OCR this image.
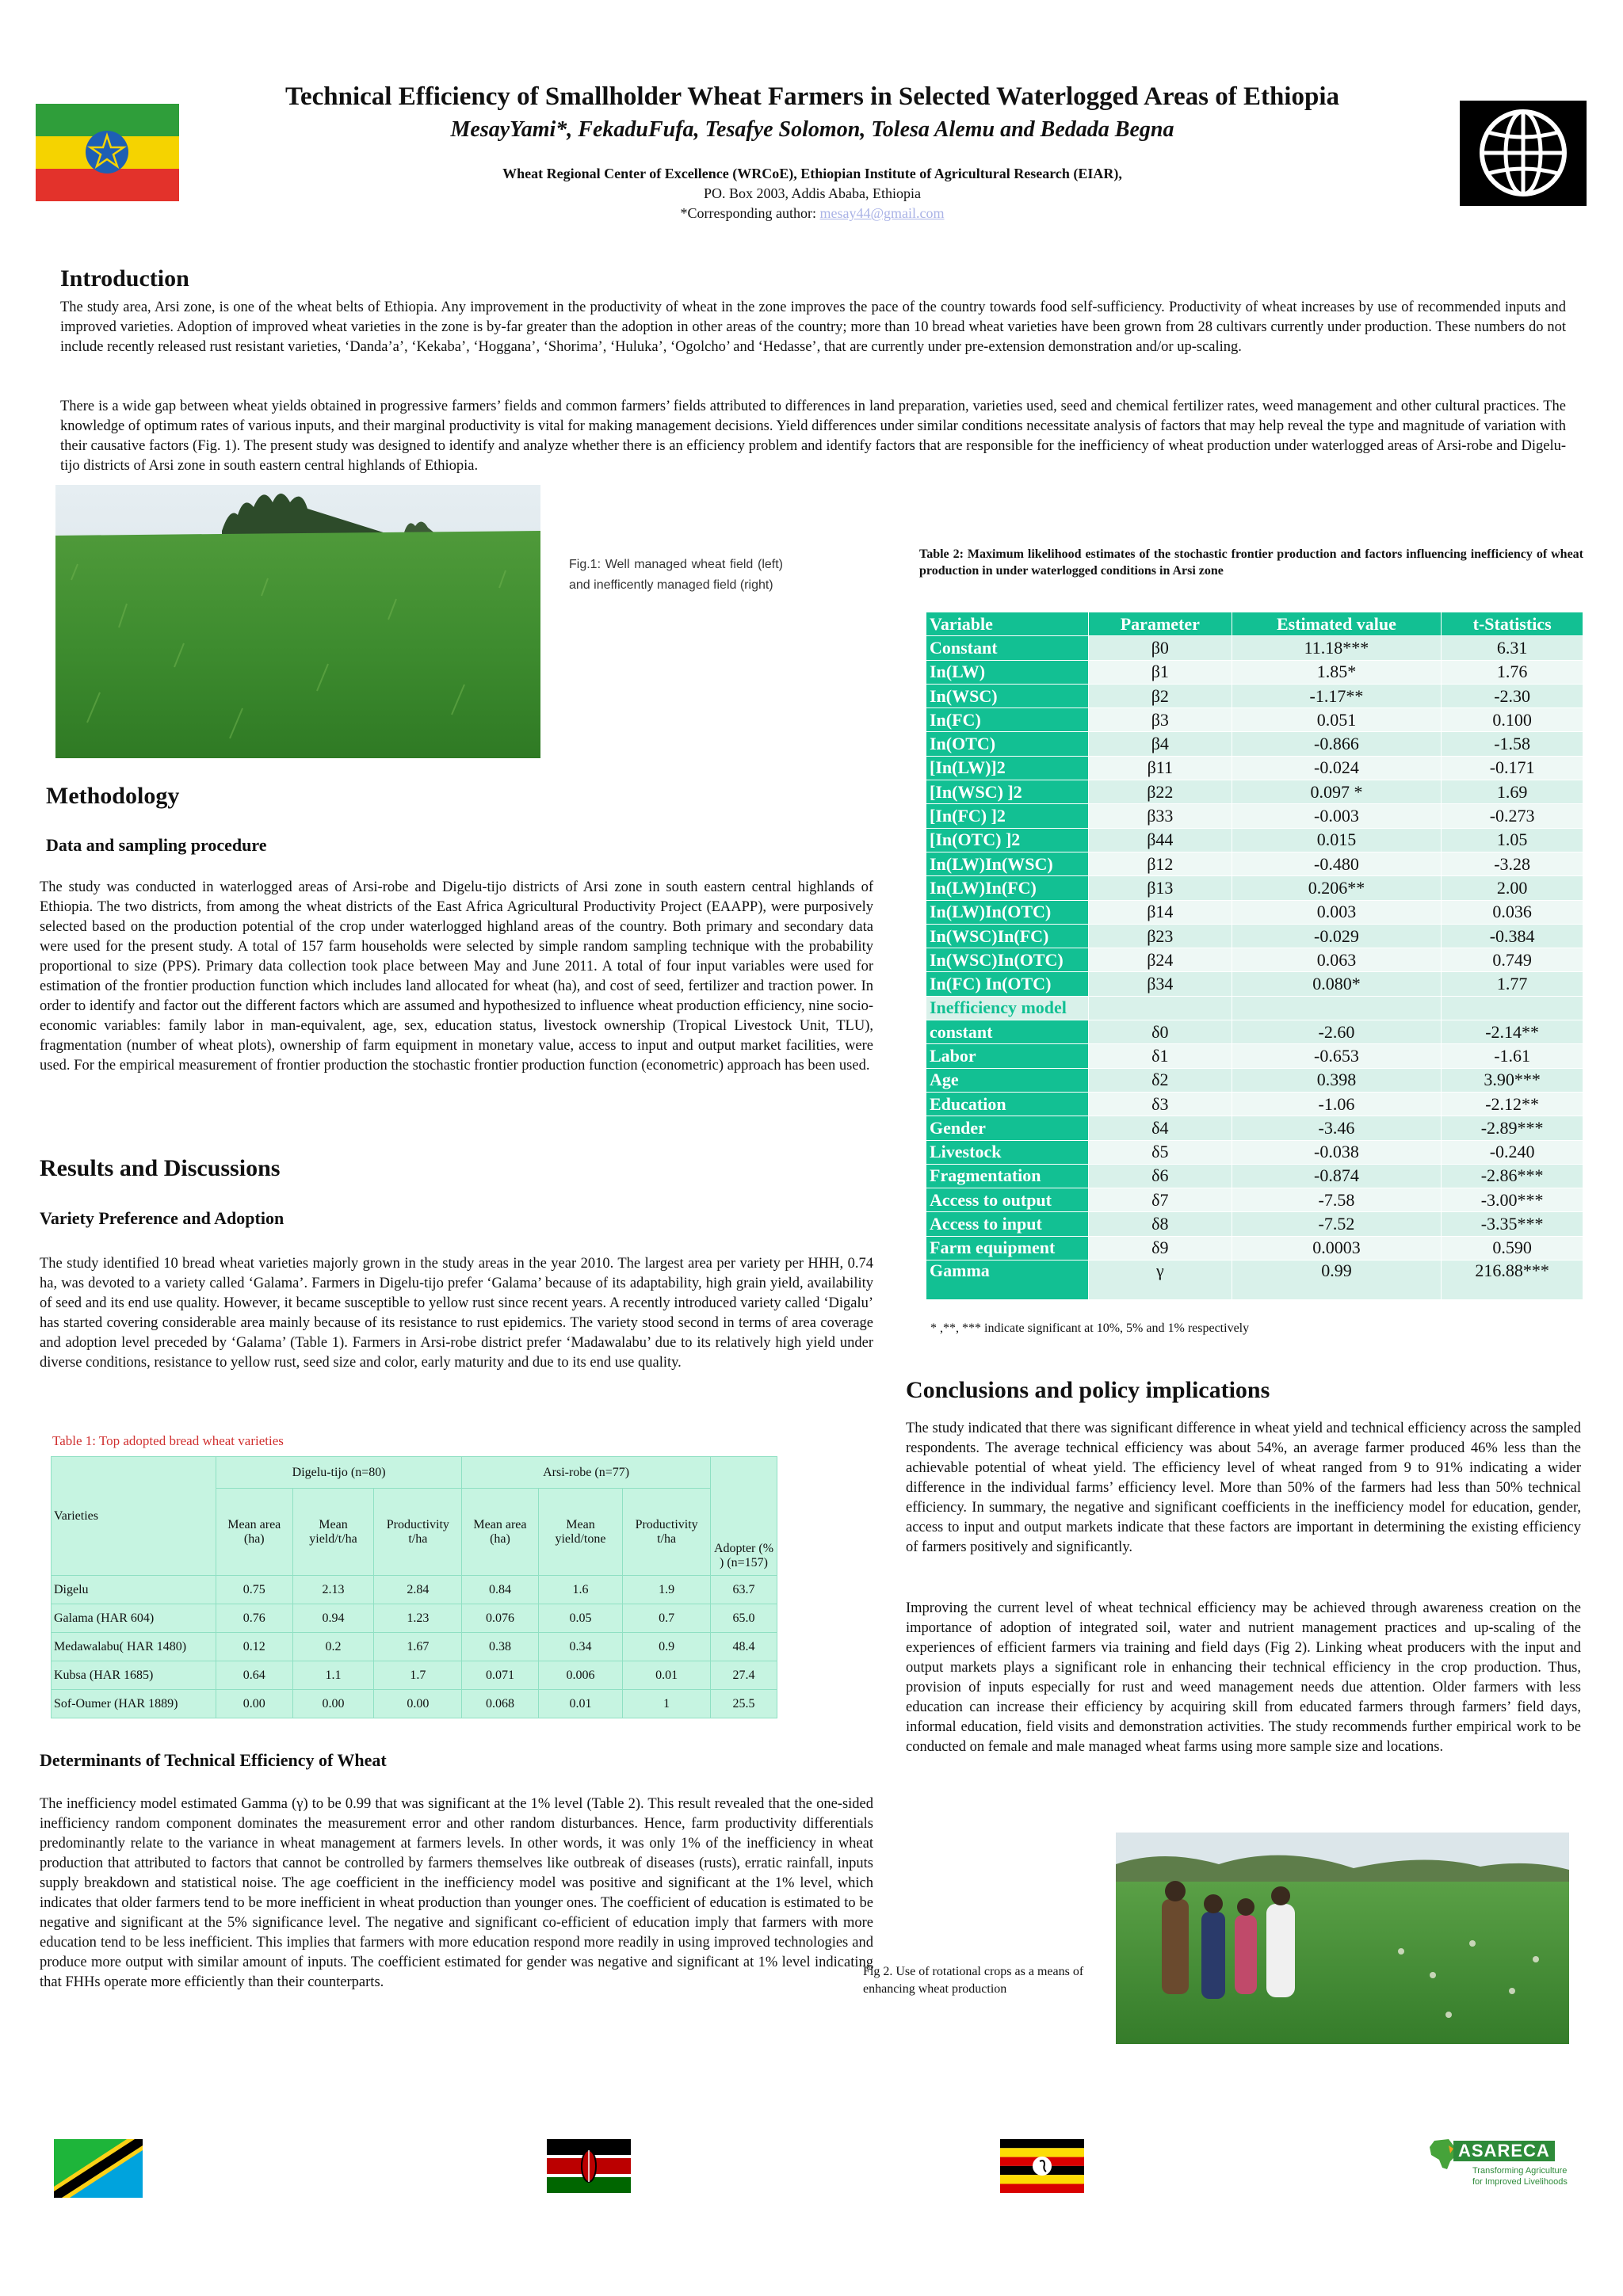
Technical Efficiency of Smallholder Wheat Farmers in Selected Waterlogged Areas of Ethiopia
MesayYami*, FekaduFufa, Tesafye Solomon, Tolesa Alemu and Bedada Begna
Wheat Regional Center of Excellence (WRCoE), Ethiopian Institute of Agricultural Research (EIAR),
PO. Box 2003, Addis Ababa, Ethiopia
*Corresponding author: mesay44@gmail.com
Introduction

The study area, Arsi zone, is one of the wheat belts of Ethiopia. Any improvement in the productivity of wheat in the zone improves the pace of the country towards food self-sufficiency. Productivity of wheat increases by use of recommended inputs and improved varieties. Adoption of improved wheat varieties in the zone is by-far greater than the adoption in other areas of the country; more than 10 bread wheat varieties have been grown from 28 cultivars currently under production. These numbers do not include recently released rust resistant varieties, ‘Danda’a’, ‘Kekaba’, ‘Hoggana’, ‘Shorima’, ‘Huluka’, ‘Ogolcho’ and ‘Hedasse’, that are currently under pre-extension demonstration and/or up-scaling.

There is a wide gap between wheat yields obtained in progressive farmers’ fields and common farmers’ fields attributed to differences in land preparation, varieties used, seed and chemical fertilizer rates, weed management and other cultural practices. The knowledge of optimum rates of various inputs, and their marginal productivity is vital for making management decisions. Yield differences under similar conditions necessitate analysis of factors that may help reveal the type and magnitude of variation with their causative factors (Fig. 1). The present study was designed to identify and analyze whether there is an efficiency problem and identify factors that are responsible for the inefficiency of wheat production under waterlogged areas of Arsi-robe and Digelu-tijo districts of Arsi zone in south eastern central highlands of Ethiopia.

Fig.1: Well managed wheat field (left) and inefficently managed field (right)

Methodology
Data and sampling procedure

The study was conducted in waterlogged areas of Arsi-robe and Digelu-tijo districts of Arsi zone in south eastern central highlands of Ethiopia. The two districts, from among the wheat districts of the East Africa Agricultural Productivity Project (EAAPP), were purposively selected based on the production potential of the crop under waterlogged highland areas of the country. Both primary and secondary data were used for the present study. A total of 157 farm households were selected by simple random sampling technique with the probability proportional to size (PPS). Primary data collection took place between May and June 2011. A total of four input variables were used for estimation of the frontier production function which includes land allocated for wheat (ha), and cost of seed, fertilizer and traction power. In order to identify and factor out the different factors which are assumed and hypothesized to influence wheat production efficiency, nine socio-economic variables: family labor in man-equivalent, age, sex, education status, livestock ownership (Tropical Livestock Unit, TLU), fragmentation (number of wheat plots), ownership of farm equipment in monetary value, access to input and output market facilities, were used. For the empirical measurement of frontier production the stochastic frontier production function (econometric) approach has been used.

Results and Discussions
Variety Preference and Adoption

The study identified 10 bread wheat varieties majorly grown in the study areas in the year 2010. The largest area per variety per HHH, 0.74 ha, was devoted to a variety called ‘Galama’. Farmers in Digelu-tijo prefer ‘Galama’ because of its adaptability, high grain yield, availability of seed and its end use quality. However, it became susceptible to yellow rust since recent years. A recently introduced variety called ‘Digalu’ has started covering considerable area mainly because of its resistance to rust epidemics. The variety stood second in terms of area coverage and adoption level preceded by ‘Galama’ (Table 1). Farmers in Arsi-robe district prefer ‘Madawalabu’ due to its relatively high yield under diverse conditions, resistance to yellow rust, seed size and color, early maturity and due to its end use quality.

Table 1: Top adopted bread wheat varieties
Varieties	Digelu-tijo (n=80)			Arsi-robe (n=77)			Adopter (% ) (n=157)
	Mean area (ha)	Mean yield/t/ha	Productivity t/ha	Mean area (ha)	Mean yield/tone	Productivity t/ha	
Digelu	0.75	2.13	2.84	0.84	1.6	1.9	63.7
Galama (HAR 604)	0.76	0.94	1.23	0.076	0.05	0.7	65.0
Medawalabu( HAR 1480)	0.12	0.2	1.67	0.38	0.34	0.9	48.4
Kubsa (HAR 1685)	0.64	1.1	1.7	0.071	0.006	0.01	27.4
Sof-Oumer (HAR 1889)	0.00	0.00	0.00	0.068	0.01	1	25.5
Determinants of Technical Efficiency of Wheat

The inefficiency model estimated Gamma (γ) to be 0.99 that was significant at the 1% level (Table 2). This result revealed that the one-sided inefficiency random component dominates the measurement error and other random disturbances. Hence, farm productivity differentials predominantly relate to the variance in wheat management at farmers levels. In other words, it was only 1% of the inefficiency in wheat production that attributed to factors that cannot be controlled by farmers themselves like outbreak of diseases (rusts), erratic rainfall, inputs supply breakdown and statistical noise. The age coefficient in the inefficiency model was positive and significant at the 1% level, which indicates that older farmers tend to be more inefficient in wheat production than younger ones. The coefficient of education is estimated to be negative and significant at the 5% significance level. The negative and significant co-efficient of education imply that farmers with more education tend to be less inefficient. This implies that farmers with more education respond more readily in using improved technologies and produce more output with similar amount of inputs. The coefficient estimated for gender was negative and significant at 1% level indicating that FHHs operate more efficiently than their counterparts.

Table 2: Maximum likelihood estimates of the stochastic frontier production and factors influencing inefficiency of wheat production in under waterlogged conditions in Arsi zone

Variable	Parameter	Estimated value	t-Statistics
Constant	β0	11.18***	6.31
In(LW)	β1	1.85*	1.76
In(WSC)	β2	-1.17**	-2.30
In(FC)	β3	0.051	0.100
In(OTC)	β4	-0.866	-1.58
[In(LW)]2	β11	-0.024	-0.171
[In(WSC) ]2	β22	0.097 *	1.69
[In(FC) ]2	β33	-0.003	-0.273
[In(OTC) ]2	β44	0.015	1.05
In(LW)In(WSC)	β12	-0.480	-3.28
In(LW)In(FC)	β13	0.206**	2.00
In(LW)In(OTC)	β14	0.003	0.036
In(WSC)In(FC)	β23	-0.029	-0.384
In(WSC)In(OTC)	β24	0.063	0.749
In(FC) In(OTC)	β34	0.080*	1.77
Inefficiency model			
constant	δ0	-2.60	-2.14**
Labor	δ1	-0.653	-1.61
Age	δ2	0.398	3.90***
Education	δ3	-1.06	-2.12**
Gender	δ4	-3.46	-2.89***
Livestock	δ5	-0.038	-0.240
Fragmentation	δ6	-0.874	-2.86***
Access to output	δ7	-7.58	-3.00***
Access to input	δ8	-7.52	-3.35***
Farm equipment	δ9	0.0003	0.590
Gamma	γ	0.99	216.88***
* ,**, *** indicate significant at 10%, 5% and 1% respectively
Conclusions and policy implications

The study indicated that there was significant difference in wheat yield and technical efficiency across the sampled respondents. The average technical efficiency was about 54%, an average farmer produced 46% less than the achievable potential of wheat yield. The efficiency level of wheat ranged from 9 to 91% indicating a wider difference in the individual farms’ efficiency level. More than 50% of the farmers had less than 50% technical efficiency. In summary, the negative and significant coefficients in the inefficiency model for education, gender, access to input and output markets indicate that these factors are important in determining the existing efficiency of farmers positively and significantly.

Improving the current level of wheat technical efficiency may be achieved through awareness creation on the importance of adoption of integrated soil, water and nutrient management practices and up-scaling of the experiences of efficient farmers via training and field days (Fig 2). Linking wheat producers with the input and output markets plays a significant role in enhancing their technical efficiency in the crop production. Thus, provision of inputs especially for rust and weed management needs due attention. Older farmers with less education can increase their efficiency by acquiring skill from educated farmers through farmers’ field days, informal education, field visits and demonstration activities. The study recommends further empirical work to be conducted on female and male managed wheat farms using more sample size and locations.

Fig 2. Use of rotational crops as a means of enhancing wheat production

ASARECA
Transforming Agriculture
for Improved Livelihoods
